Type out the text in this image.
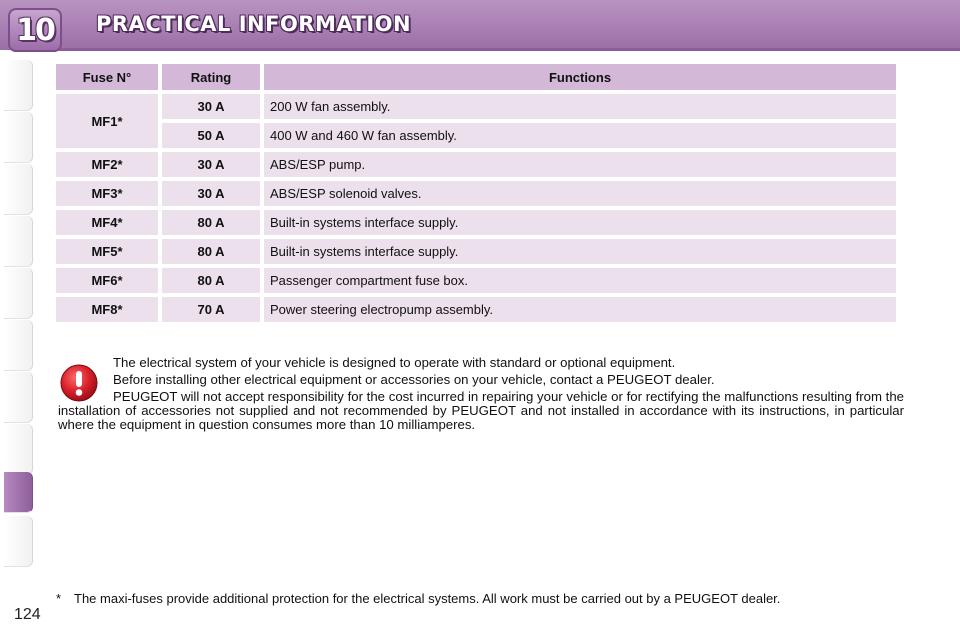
10	PRACTICAL INFORMATION
Fuse N°	Rating	Functions
MF1*	30 A	200 W fan assembly.
	50 A	400 W and 460 W fan assembly.
MF2*	30 A	ABS/ESP pump.
MF3*	30 A	ABS/ESP solenoid valves.
MF4*	80 A	Built-in systems interface supply.
MF5*	80 A	Built-in systems interface supply.
MF6*	80 A	Passenger compartment fuse box.
MF8*	70 A	Power steering electropump assembly.

The electrical system of your vehicle is designed to operate with standard or optional equipment.

Before installing other electrical equipment or accessories on your vehicle, contact a PEUGEOT dealer.

PEUGEOT will not accept responsibility for the cost incurred in repairing your vehicle or for rectifying the malfunctions resulting from the installation of accessories not supplied and not recommended by PEUGEOT and not installed in accordance with its instructions, in particular where the equipment in question consumes more than 10 milliamperes.

* The maxi-fuses provide additional protection for the electrical systems. All work must be carried out by a PEUGEOT dealer.
124
